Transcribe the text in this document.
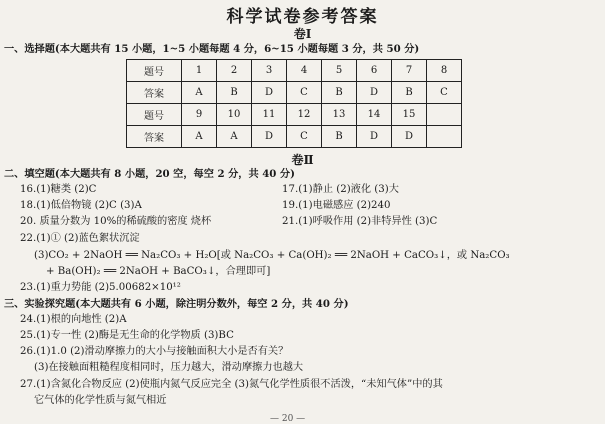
科学试卷参考答案
卷Ⅰ
一、选择题(本大题共有 15 小题，1~5 小题每题 4 分，6~15 小题每题 3 分，共 50 分)
题号	1	2	3	4	5	6	7	8
答案	A	B	D	C	B	D	B	C
题号	9	10	11	12	13	14	15	
答案	A	A	D	C	B	D	D	
卷Ⅱ
二、填空题(本大题共有 8 小题，20 空，每空 2 分，共 40 分)
16.(1)糖类 (2)C	17.(1)静止 (2)液化 (3)大
18.(1)低倍物镜 (2)C (3)A	19.(1)电磁感应 (2)240
20. 质量分数为 10%的稀硫酸的密度 烧杯	21.(1)呼吸作用 (2)非特异性 (3)C
22.(1)① (2)蓝色絮状沉淀
(3)CO₂ + 2NaOH ══ Na₂CO₃ + H₂O[或 Na₂CO₃ + Ca(OH)₂ ══ 2NaOH + CaCO₃↓，或 Na₂CO₃
+ Ba(OH)₂ ══ 2NaOH + BaCO₃↓，合理即可]
23.(1)重力势能 (2)5.00682×10¹²
三、实验探究题(本大题共有 6 小题，除注明分数外，每空 2 分，共 40 分)
24.(1)根的向地性 (2)A
25.(1)专一性 (2)酶是无生命的化学物质 (3)BC
26.(1)1.0 (2)滑动摩擦力的大小与接触面积大小是否有关？
(3)在接触面粗糙程度相同时，压力越大，滑动摩擦力也越大
27.(1)含氮化合物反应 (2)使瓶内氮气反应完全 (3)氮气化学性质很不活泼，“未知气体”中的其
它气体的化学性质与氮气相近
— 20 —
